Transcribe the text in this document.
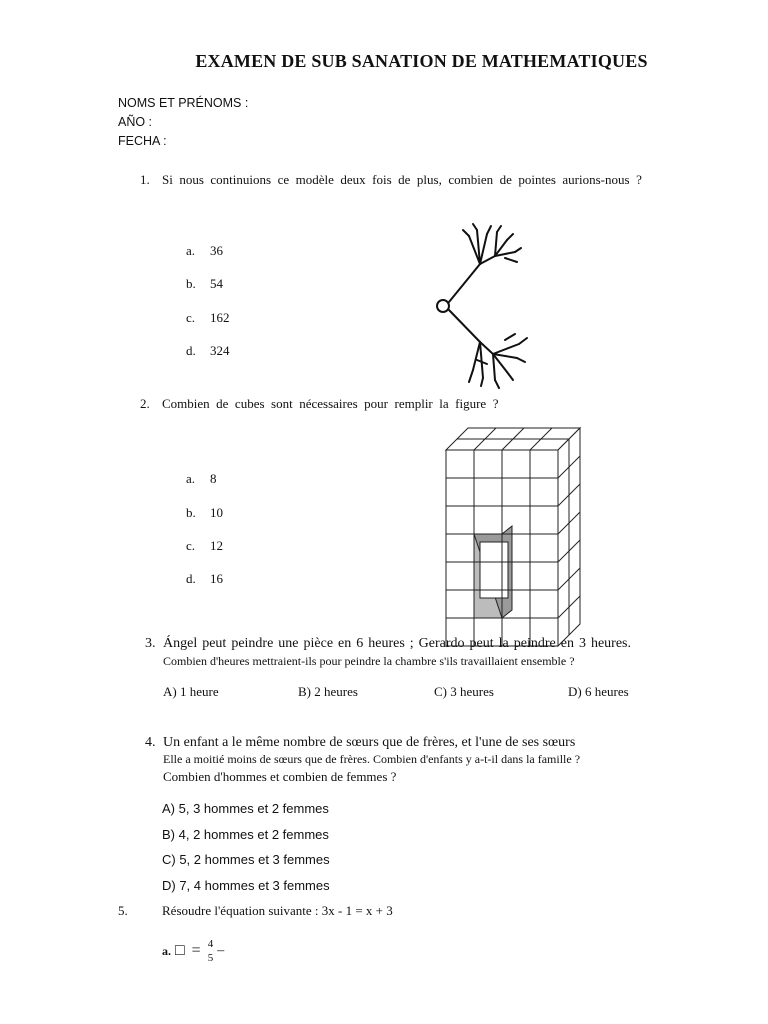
EXAMEN DE SUB SANATION DE MATHEMATIQUES
NOMS ET PRÉNOMS :
AÑO :
FECHA :
1. Si  nous  continuions  ce  modèle  deux  fois  de  plus,  combien  de  pointes  aurions-nous  ?
a. 36
b. 54
c. 162
d. 324
2. Combien  de  cubes  sont  nécessaires  pour  remplir  la  figure  ?
a. 8
b. 10
c. 12
d. 16
3. Ángel peut peindre une pièce en 6 heures ; Gerardo peut la peindre en 3 heures.
Combien d'heures mettraient-ils pour peindre la chambre s'ils travaillaient ensemble ?
A) 1 heure	B) 2 heures	C) 3 heures	D) 6 heures
4. Un enfant a le même nombre de sœurs que de frères, et l'une de ses sœurs
Elle a moitié moins de sœurs que de frères. Combien d'enfants y a-t-il dans la famille ?
Combien d'hommes et combien de femmes ?
A) 5, 3 hommes et 2 femmes
B) 4, 2 hommes et 2 femmes
C) 5, 2 hommes et 3 femmes
D) 7, 4 hommes et 3 femmes
5.	Résoudre l'équation suivante : 3x - 1 = x + 3
a. □ = 4
5 –
